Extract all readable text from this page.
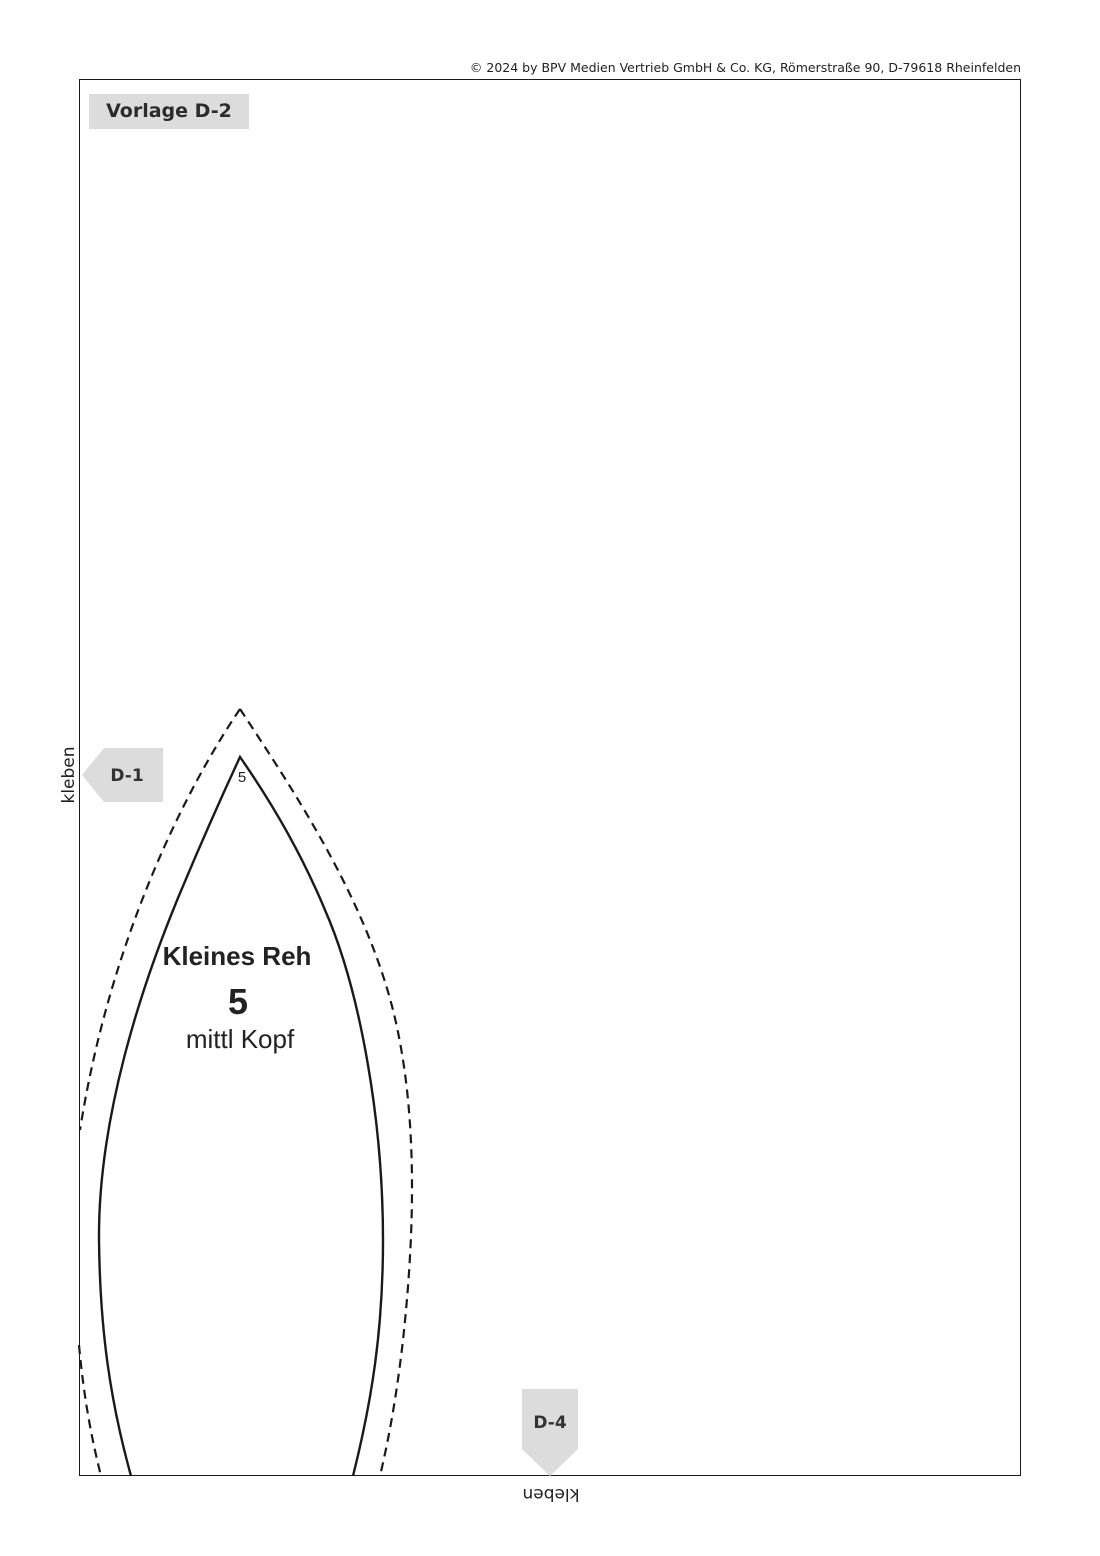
© 2024 by BPV Medien Vertrieb GmbH & Co. KG, Römerstraße 90, D-79618 Rheinfelden
Vorlage D-2
kleben
kleben
D-1
D-4
5
Kleines Reh
5
mittl Kopf
